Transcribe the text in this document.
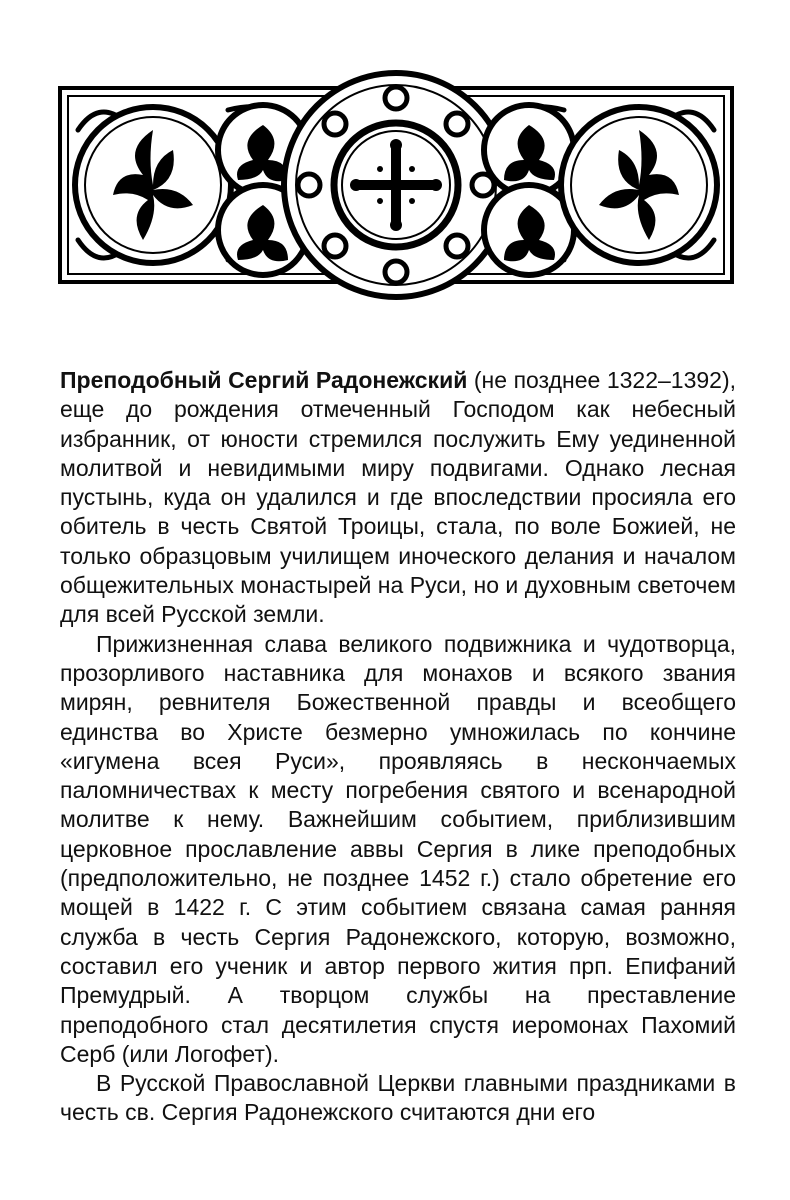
Преподобный Сергий Радонежский (не позднее 1322–1392), еще до рождения отмеченный Господом как небесный избранник, от юности стремился послужить Ему уединенной молитвой и невидимыми миру подвигами. Однако лесная пустынь, куда он удалился и где впоследствии просияла его обитель в честь Святой Троицы, стала, по воле Божией, не только образцовым училищем иноческого делания и началом общежительных монастырей на Руси, но и духовным светочем для всей Русской земли.

Прижизненная слава великого подвижника и чудотворца, прозорливого наставника для монахов и всякого звания мирян, ревнителя Божественной правды и всеобщего единства во Христе безмерно умножилась по кончине «игумена всея Руси», проявляясь в нескончаемых паломничествах к месту погребения святого и всенародной молитве к нему. Важнейшим событием, приблизившим церковное прославление аввы Сергия в лике преподобных (предположительно, не позднее 1452 г.) стало обретение его мощей в 1422 г. С этим событием связана самая ранняя служба в честь Сергия Радонежского, которую, возможно, составил его ученик и автор первого жития прп. Епифаний Премудрый. А творцом службы на преставление преподобного стал десятилетия спустя иеромонах Пахомий Серб (или Логофет).

В Русской Православной Церкви главными праздниками в честь св. Сергия Радонежского считаются дни его
